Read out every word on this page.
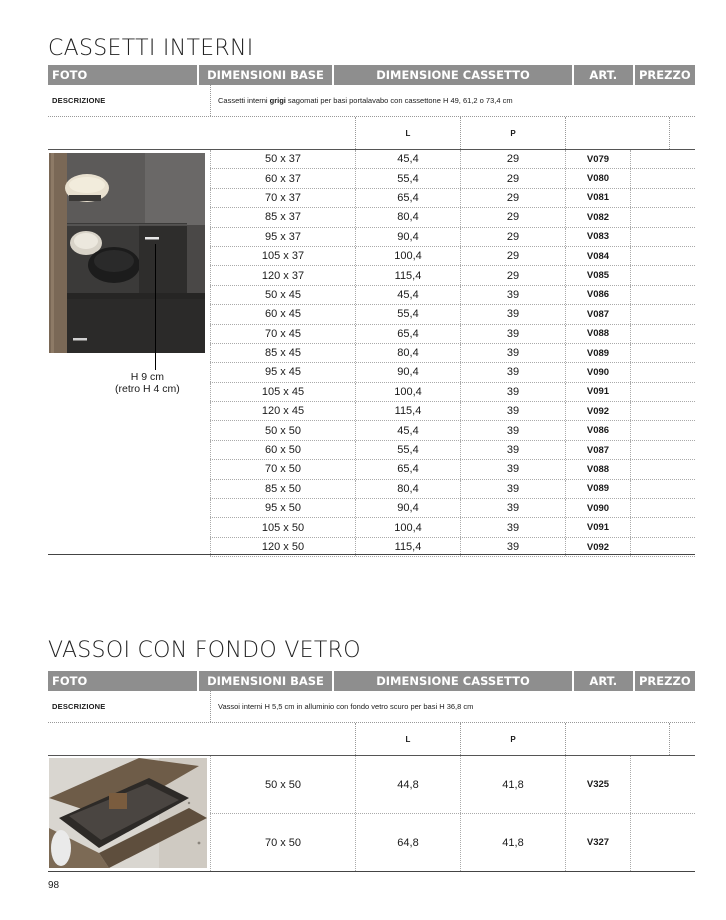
CASSETTI INTERNI
FOTO	DIMENSIONI BASE	DIMENSIONE CASSETTO	ART.	PREZZO
DESCRIZIONE	Cassetti interni grigi sagomati per basi portalavabo con cassettone H 49, 61,2 o 73,4 cm
L	P
50 x 37	45,4	29	V079
60 x 37	55,4	29	V080
70 x 37	65,4	29	V081
85 x 37	80,4	29	V082
95 x 37	90,4	29	V083
105 x 37	100,4	29	V084
120 x 37	115,4	29	V085
50 x 45	45,4	39	V086
60 x 45	55,4	39	V087
70 x 45	65,4	39	V088
85 x 45	80,4	39	V089
95 x 45	90,4	39	V090
105 x 45	100,4	39	V091
120 x 45	115,4	39	V092
50 x 50	45,4	39	V086
60 x 50	55,4	39	V087
70 x 50	65,4	39	V088
85 x 50	80,4	39	V089
95 x 50	90,4	39	V090
105 x 50	100,4	39	V091
120 x 50	115,4	39	V092
H 9 cm
(retro H 4 cm)
VASSOI CON FONDO VETRO
FOTO	DIMENSIONI BASE	DIMENSIONE CASSETTO	ART.	PREZZO
DESCRIZIONE	Vassoi interni H 5,5 cm in alluminio con fondo vetro scuro per basi H 36,8 cm
L	P
50 x 50	44,8	41,8	V325
70 x 50	64,8	41,8	V327
98
